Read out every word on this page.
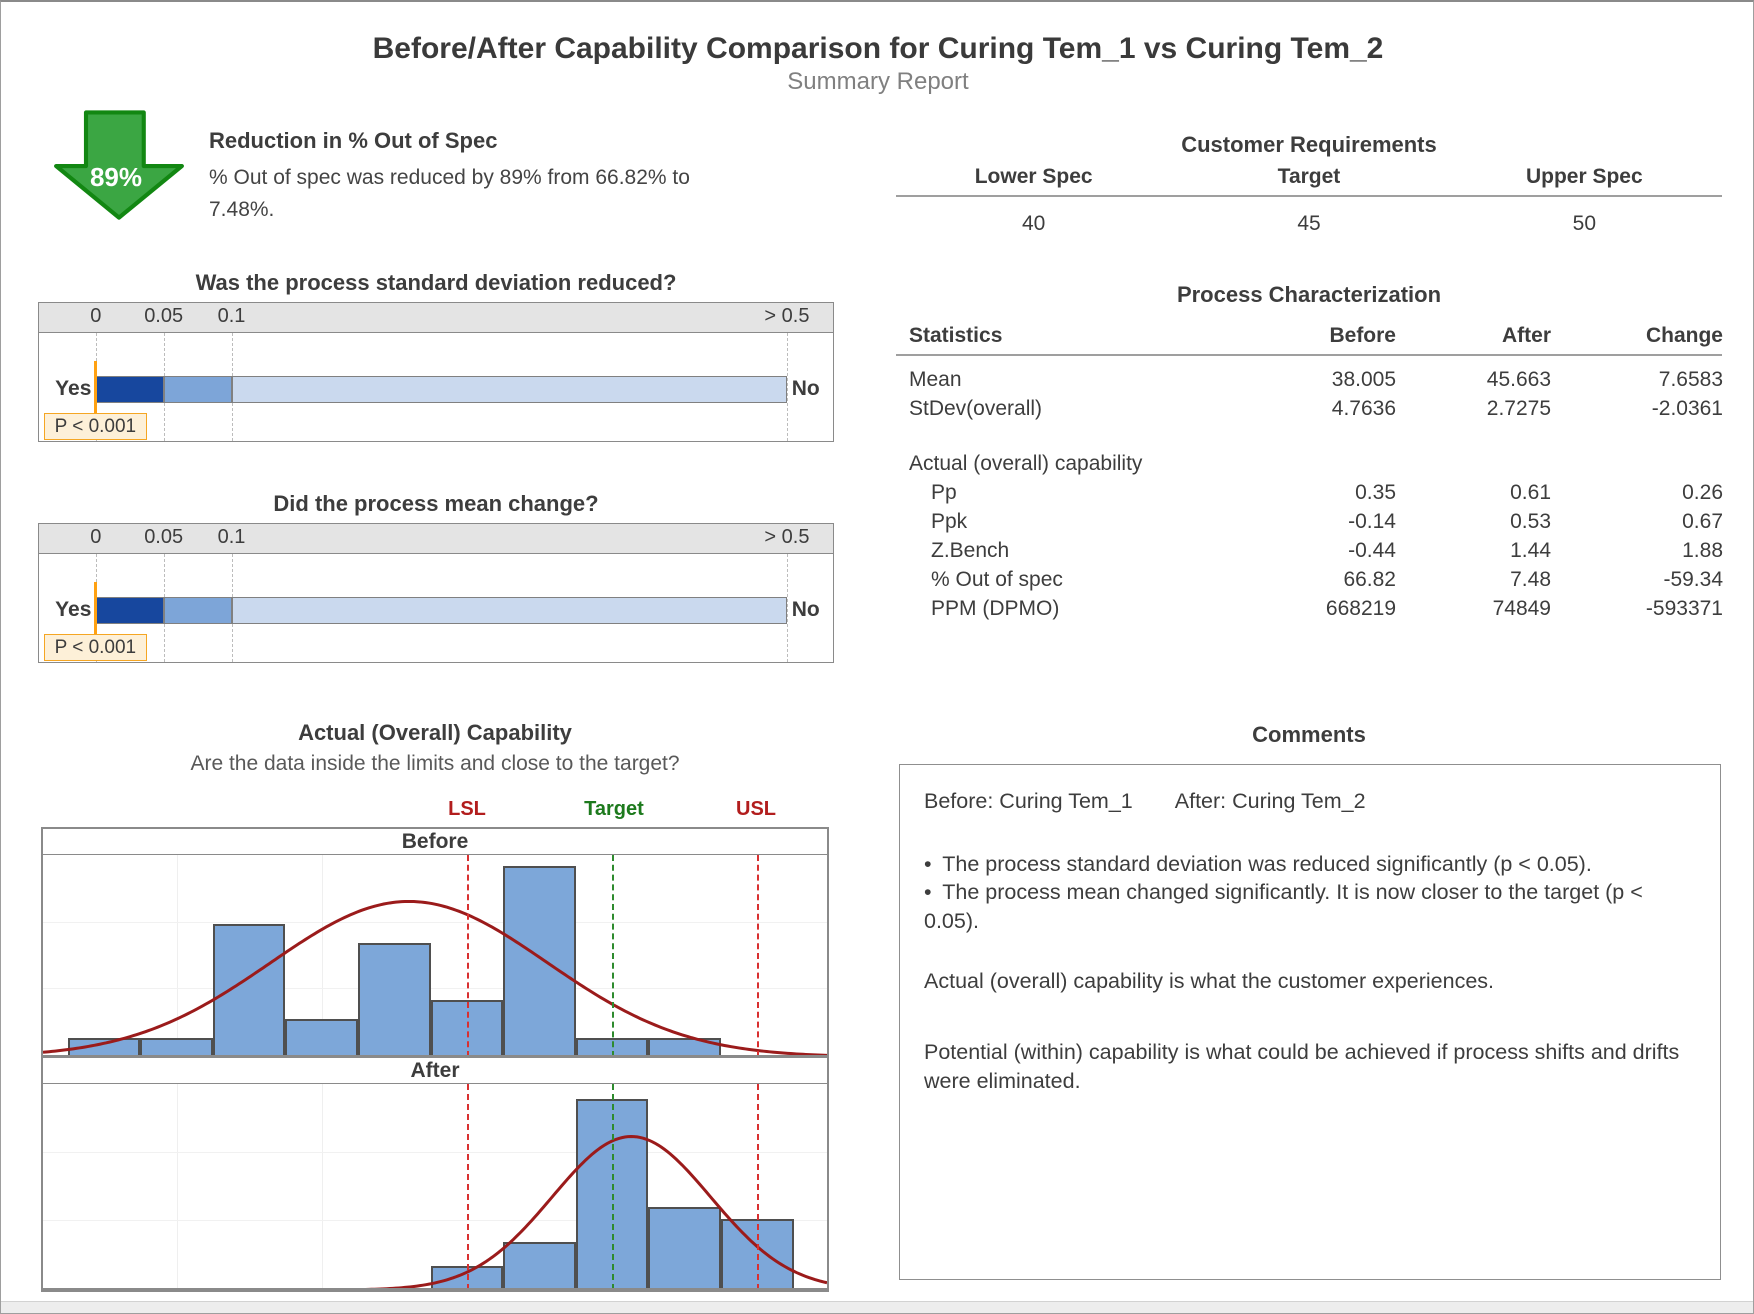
Before/After Capability Comparison for Curing Tem_1 vs Curing Tem_2
Summary Report
89%
Reduction in % Out of Spec
% Out of spec was reduced by 89% from 66.82% to 7.48%.
Was the process standard deviation reduced?
0 0.05 0.1	> 0.5
Yes	No
P < 0.001
Did the process mean change?
0 0.05 0.1	> 0.5
Yes	No
P < 0.001
Actual (Overall) Capability
Are the data inside the limits and close to the target?
LSL	Target	USL
Before
After
Customer Requirements
Lower Spec	Target	Upper Spec
40	45	50
Process Characterization
Statistics	Before	After	Change
Mean	38.005	45.663	7.6583
StDev(overall)	4.7636	2.7275	-2.0361
Actual (overall) capability
Pp	0.35	0.61	0.26
Ppk	-0.14	0.53	0.67
Z.Bench	-0.44	1.44	1.88
% Out of spec	66.82	7.48	-59.34
PPM (DPMO)	668219	74849	-593371
Comments
Before: Curing Tem_1 After: Curing Tem_2
• The process standard deviation was reduced significantly (p < 0.05).
• The process mean changed significantly. It is now closer to the target (p < 0.05).
Actual (overall) capability is what the customer experiences.
Potential (within) capability is what could be achieved if process shifts and drifts were eliminated.
